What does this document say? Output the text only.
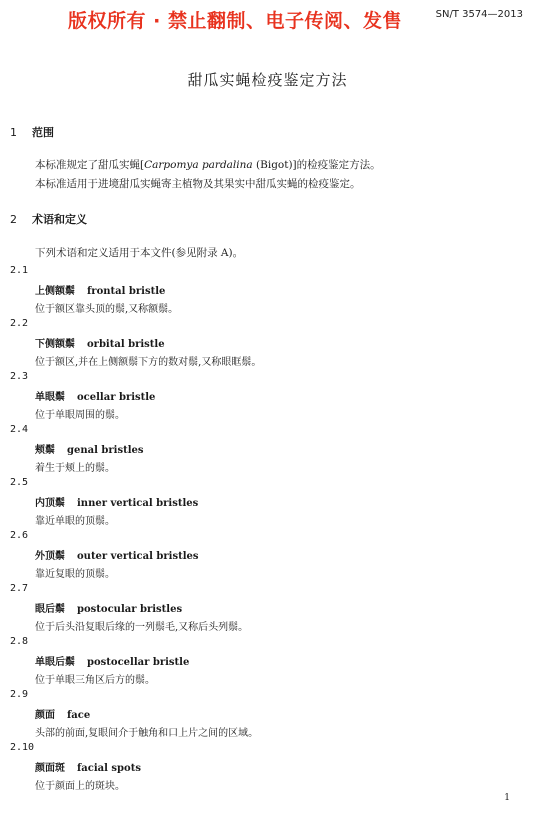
版权所有 · 禁止翻制、电子传阅、发售	SN/T 3574—2013
甜瓜实蝇检疫鉴定方法
1 范围
本标准规定了甜瓜实蝇[Carpomya pardalina (Bigot)]的检疫鉴定方法。
本标准适用于进境甜瓜实蝇寄主植物及其果实中甜瓜实蝇的检疫鉴定。
2 术语和定义
下列术语和定义适用于本文件(参见附录 A)。
2.1
上侧额鬃 frontal bristle
位于额区靠头顶的鬃,又称额鬃。
2.2
下侧额鬃 orbital bristle
位于额区,并在上侧额鬃下方的数对鬃,又称眼眶鬃。
2.3
单眼鬃 ocellar bristle
位于单眼周围的鬃。
2.4
颊鬃 genal bristles
着生于颊上的鬃。
2.5
内顶鬃 inner vertical bristles
靠近单眼的顶鬃。
2.6
外顶鬃 outer vertical bristles
靠近复眼的顶鬃。
2.7
眼后鬃 postocular bristles
位于后头沿复眼后缘的一列鬃毛,又称后头列鬃。
2.8
单眼后鬃 postocellar bristle
位于单眼三角区后方的鬃。
2.9
颜面 face
头部的前面,复眼间介于触角和口上片之间的区域。
2.10
颜面斑 facial spots
位于颜面上的斑块。
1
